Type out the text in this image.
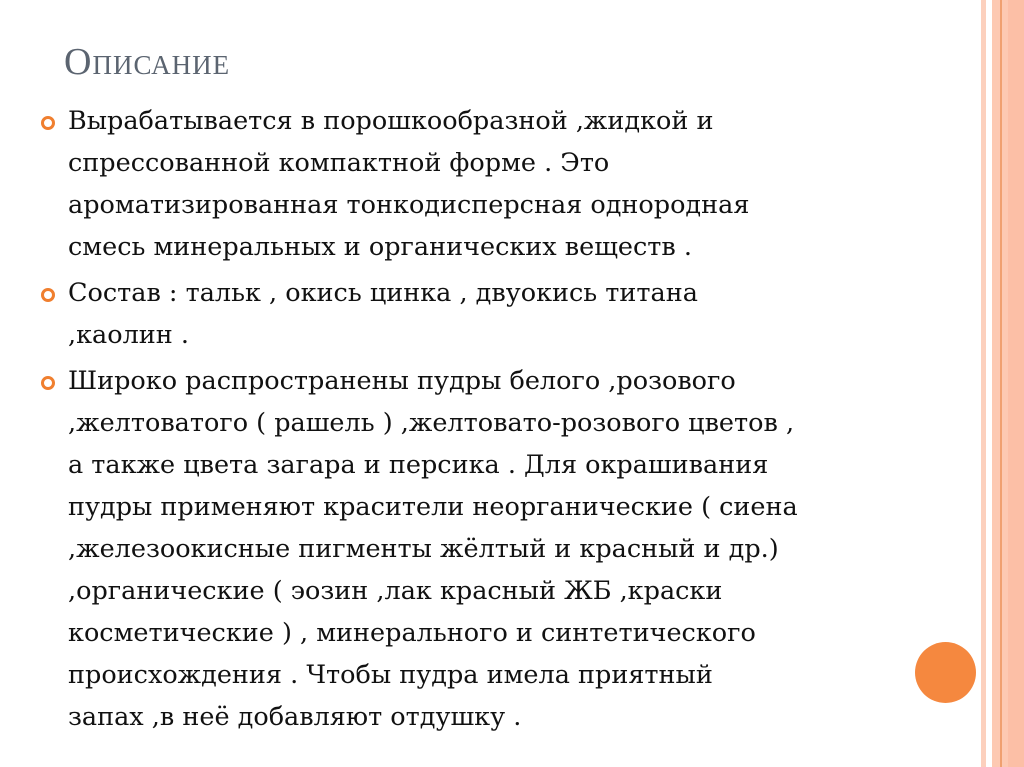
Описание
Вырабатывается в порошкообразной ,жидкой и
спрессованной компактной форме . Это
ароматизированная тонкодисперсная однородная
смесь минеральных и органических веществ .
Состав : тальк , окись цинка , двуокись титана
,каолин .
Широко распространены пудры белого ,розового
,желтоватого ( рашель ) ,желтовато-розового цветов ,
а также цвета загара и персика . Для окрашивания
пудры применяют красители неорганические ( сиена
,железоокисные пигменты жёлтый и красный и др.)
,органические ( эозин ,лак красный ЖБ ,краски
косметические ) , минерального и синтетического
происхождения . Чтобы пудра имела приятный
запах ,в неё добавляют отдушку .
